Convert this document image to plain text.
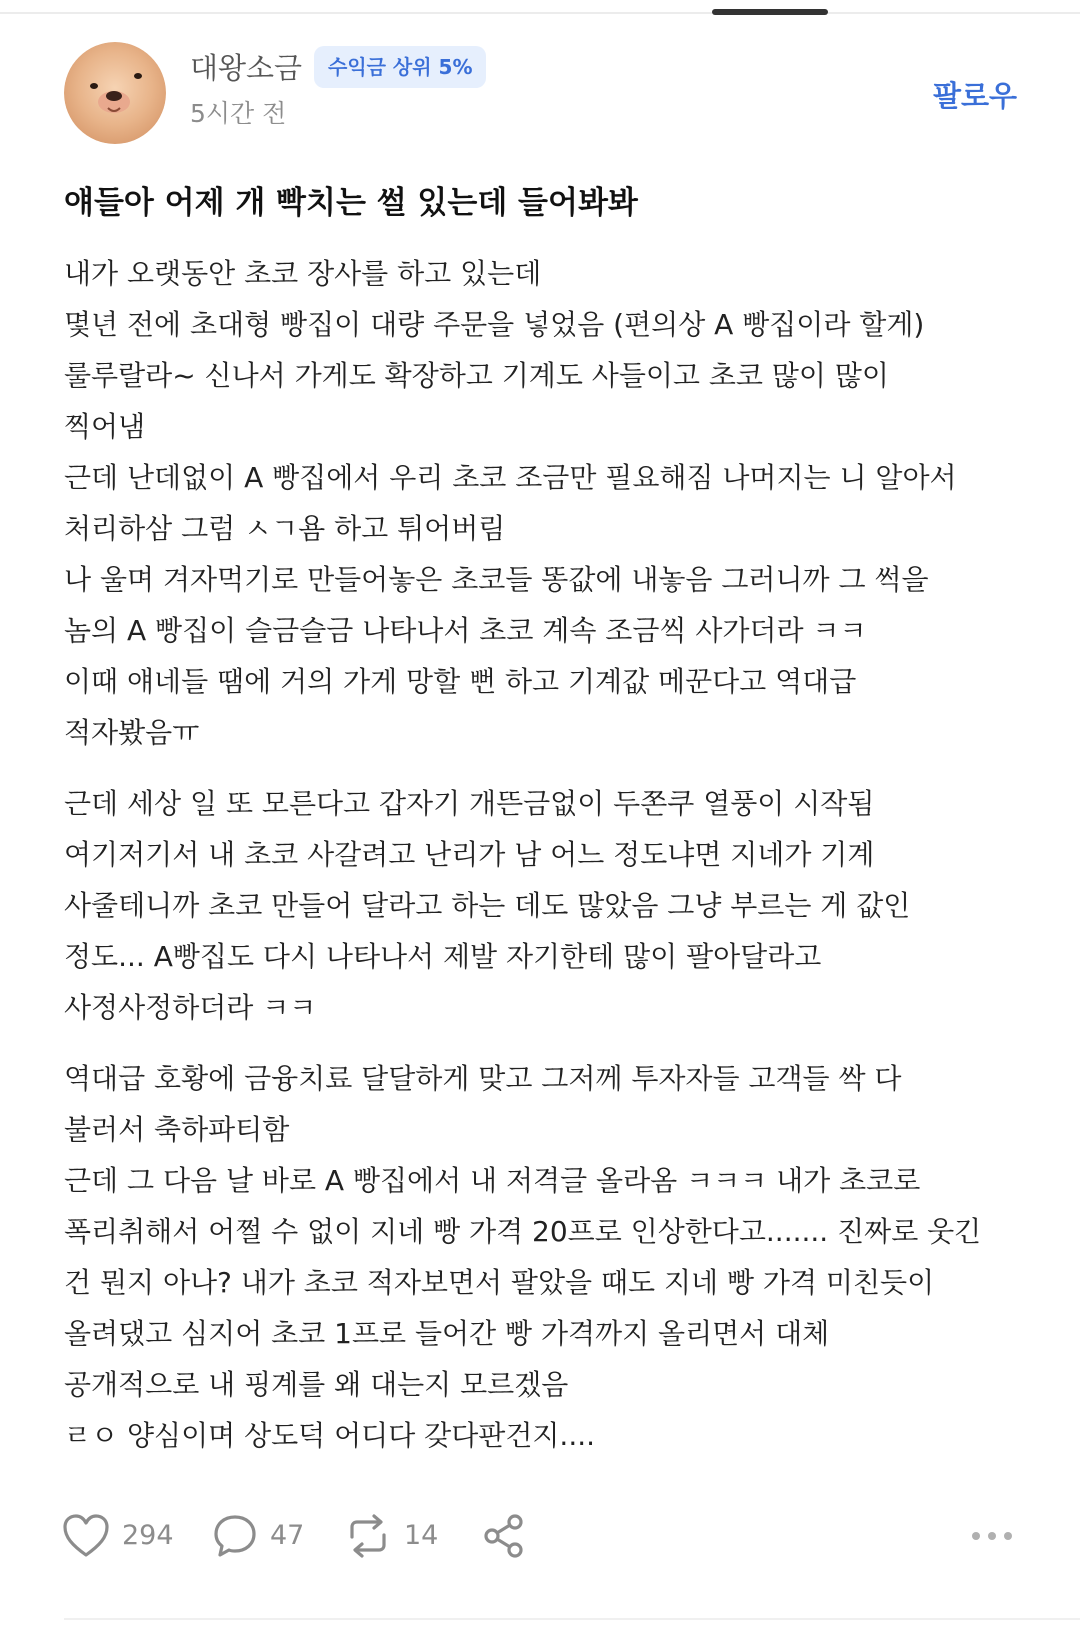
대왕소금	수익금 상위 5%
5시간 전
팔로우
얘들아 어제 개 빡치는 썰 있는데 들어봐봐
내가 오랫동안 초코 장사를 하고 있는데
몇년 전에 초대형 빵집이 대량 주문을 넣었음 (편의상 A 빵집이라 할게)
룰루랄라~ 신나서 가게도 확장하고 기계도 사들이고 초코 많이 많이
찍어냄
근데 난데없이 A 빵집에서 우리 초코 조금만 필요해짐 나머지는 니 알아서
처리하삼 그럼 ㅅㄱ욤 하고 튀어버림
나 울며 겨자먹기로 만들어놓은 초코들 똥값에 내놓음 그러니까 그 썩을
놈의 A 빵집이 슬금슬금 나타나서 초코 계속 조금씩 사가더라 ㅋㅋ
이때 얘네들 땜에 거의 가게 망할 뻔 하고 기계값 메꾼다고 역대급
적자봤음ㅠ
근데 세상 일 또 모른다고 갑자기 개뜬금없이 두쫀쿠 열풍이 시작됨
여기저기서 내 초코 사갈려고 난리가 남 어느 정도냐면 지네가 기계
사줄테니까 초코 만들어 달라고 하는 데도 많았음 그냥 부르는 게 값인
정도... A빵집도 다시 나타나서 제발 자기한테 많이 팔아달라고
사정사정하더라 ㅋㅋ
역대급 호황에 금융치료 달달하게 맞고 그저께 투자자들 고객들 싹 다
불러서 축하파티함
근데 그 다음 날 바로 A 빵집에서 내 저격글 올라옴 ㅋㅋㅋ 내가 초코로
폭리취해서 어쩔 수 없이 지네 빵 가격 20프로 인상한다고....... 진짜로 웃긴
건 뭔지 아나? 내가 초코 적자보면서 팔았을 때도 지네 빵 가격 미친듯이
올려댔고 심지어 초코 1프로 들어간 빵 가격까지 올리면서 대체
공개적으로 내 핑계를 왜 대는지 모르겠음
ㄹㅇ 양심이며 상도덕 어디다 갖다판건지....
294	47	14
